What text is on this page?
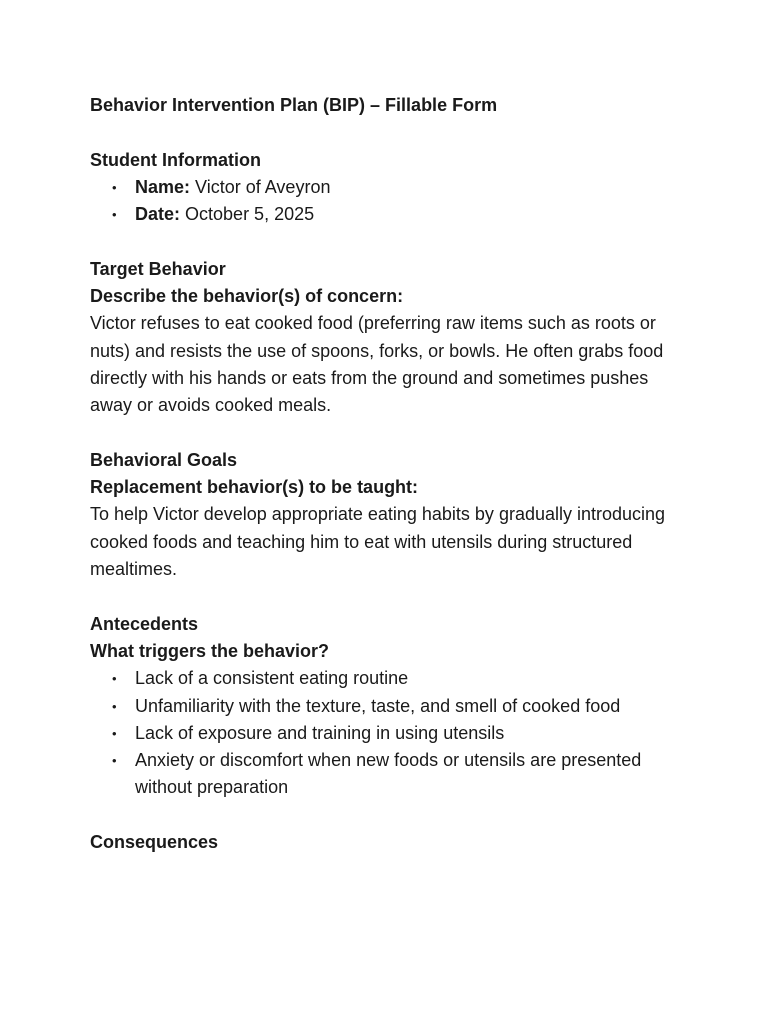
Behavior Intervention Plan (BIP) – Fillable Form

Student Information

• Name: Victor of Aveyron
• Date: October 5, 2025

Target Behavior

Describe the behavior(s) of concern:

Victor refuses to eat cooked food (preferring raw items such as roots or nuts) and resists the use of spoons, forks, or bowls. He often grabs food directly with his hands or eats from the ground and sometimes pushes away or avoids cooked meals.

Behavioral Goals

Replacement behavior(s) to be taught:

To help Victor develop appropriate eating habits by gradually introducing cooked foods and teaching him to eat with utensils during structured mealtimes.

Antecedents

What triggers the behavior?

• Lack of a consistent eating routine
• Unfamiliarity with the texture, taste, and smell of cooked food
• Lack of exposure and training in using utensils
• Anxiety or discomfort when new foods or utensils are presented without preparation

Consequences
